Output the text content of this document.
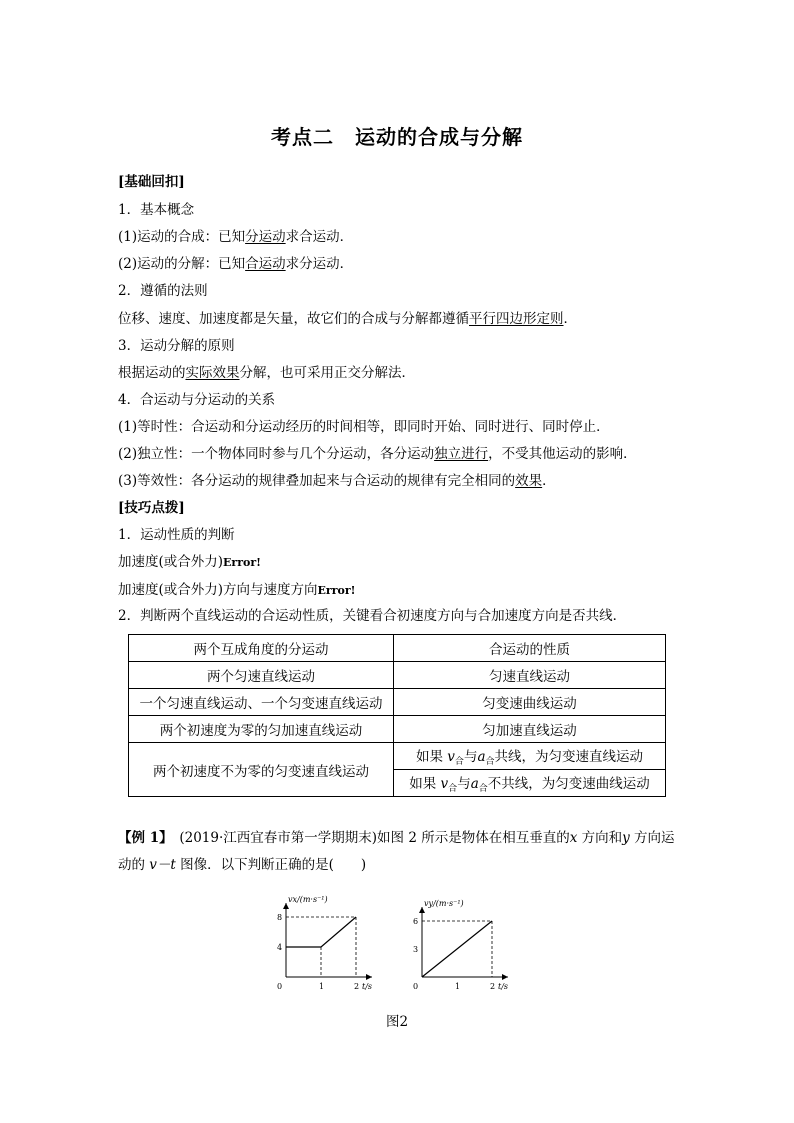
考点二　运动的合成与分解
[基础回扣]
1．基本概念
(1)运动的合成：已知分运动求合运动．
(2)运动的分解：已知合运动求分运动．
2．遵循的法则
位移、速度、加速度都是矢量，故它们的合成与分解都遵循平行四边形定则．
3．运动分解的原则
根据运动的实际效果分解，也可采用正交分解法．
4．合运动与分运动的关系
(1)等时性：合运动和分运动经历的时间相等，即同时开始、同时进行、同时停止．
(2)独立性：一个物体同时参与几个分运动，各分运动独立进行，不受其他运动的影响．
(3)等效性：各分运动的规律叠加起来与合运动的规律有完全相同的效果．
[技巧点拨]
1．运动性质的判断
加速度(或合外力)Error!
加速度(或合外力)方向与速度方向Error!
2．判断两个直线运动的合运动性质，关键看合初速度方向与合加速度方向是否共线．
两个互成角度的分运动	合运动的性质
两个匀速直线运动	匀速直线运动
一个匀速直线运动、一个匀变速直线运动	匀变速曲线运动
两个初速度为零的匀加速直线运动	匀加速直线运动
两个初速度不为零的匀变速直线运动	如果 $v_合$与$a_合$共线，为匀变速直线运动
	如果 $v_合$与$a_合$不共线，为匀变速曲线运动
【例 1】　 (2019·江西宜春市第一学期期末)如图 2 所示是物体在相互垂直的x 方向和y 方向运
动的 v－t 图像．以下判断正确的是(　　)
vx/(m·s⁻¹)
t/s
0	1	2
4
8
vy/(m·s⁻¹)
t/s
0	1	2
3
6
图2
